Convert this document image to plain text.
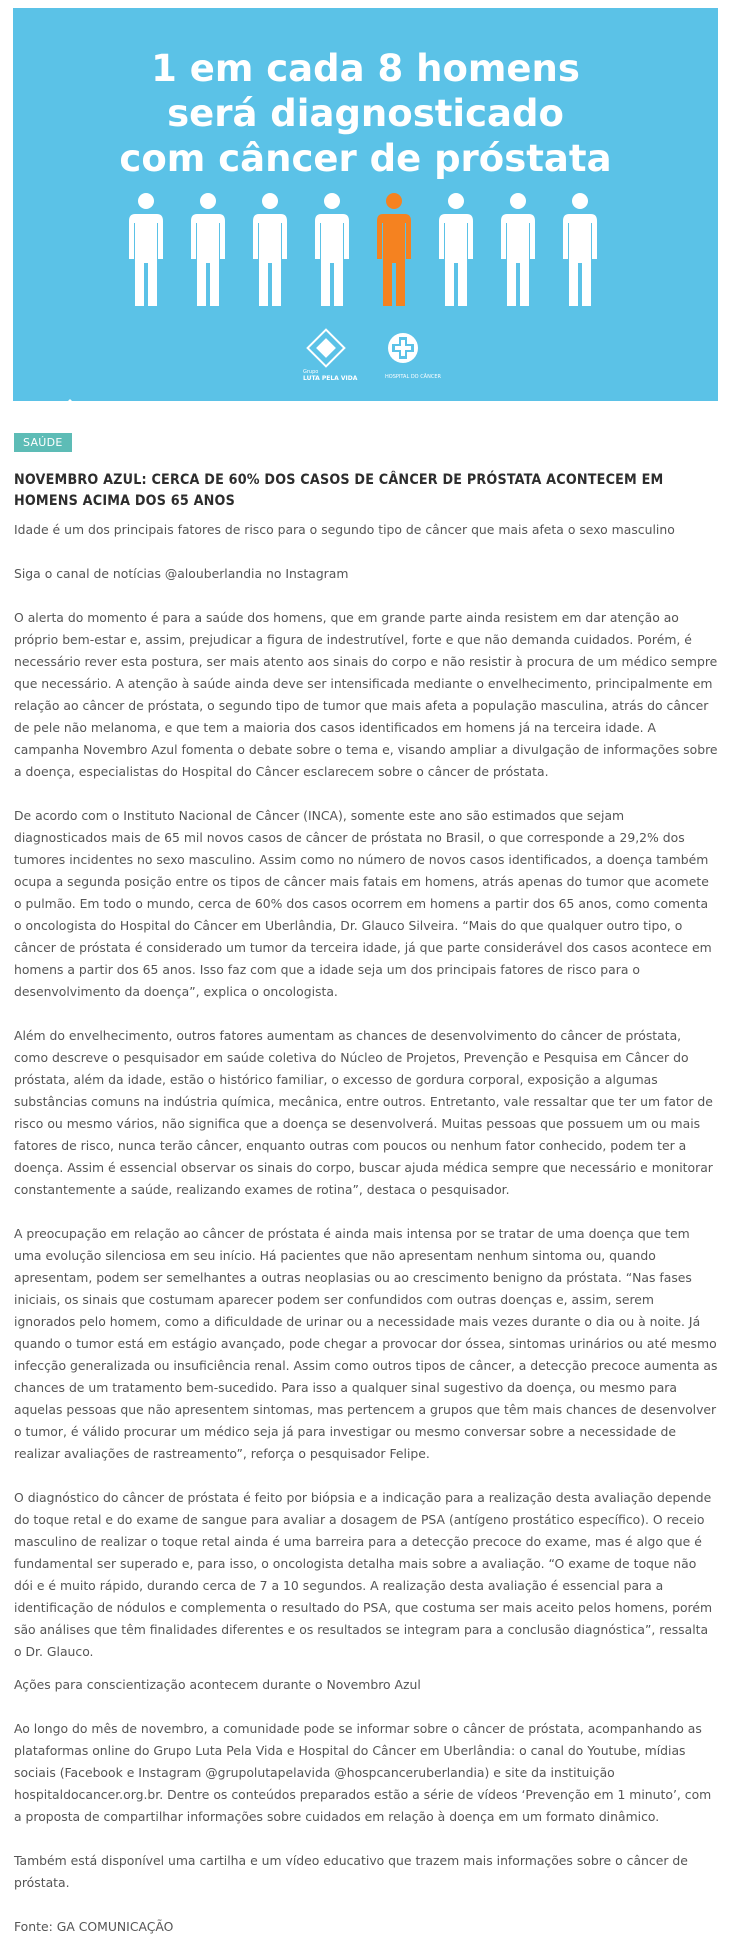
1 em cada 8 homens
será diagnosticado
com câncer de próstata
Grupo
LUTA PELA VIDA	HOSPITAL DO CÂNCER
SAÚDE
NOVEMBRO AZUL: CERCA DE 60% DOS CASOS DE CÂNCER DE PRÓSTATA ACONTECEM EM HOMENS ACIMA DOS 65 ANOS

Idade é um dos principais fatores de risco para o segundo tipo de câncer que mais afeta o sexo masculino

Siga o canal de notícias @alouberlandia no Instagram

O alerta do momento é para a saúde dos homens, que em grande parte ainda resistem em dar atenção ao próprio bem-estar e, assim, prejudicar a figura de indestrutível, forte e que não demanda cuidados. Porém, é necessário rever esta postura, ser mais atento aos sinais do corpo e não resistir à procura de um médico sempre que necessário. A atenção à saúde ainda deve ser intensificada mediante o envelhecimento, principalmente em relação ao câncer de próstata, o segundo tipo de tumor que mais afeta a população masculina, atrás do câncer de pele não melanoma, e que tem a maioria dos casos identificados em homens já na terceira idade. A campanha Novembro Azul fomenta o debate sobre o tema e, visando ampliar a divulgação de informações sobre a doença, especialistas do Hospital do Câncer esclarecem sobre o câncer de próstata.

De acordo com o Instituto Nacional de Câncer (INCA), somente este ano são estimados que sejam diagnosticados mais de 65 mil novos casos de câncer de próstata no Brasil, o que corresponde a 29,2% dos tumores incidentes no sexo masculino. Assim como no número de novos casos identificados, a doença também ocupa a segunda posição entre os tipos de câncer mais fatais em homens, atrás apenas do tumor que acomete o pulmão. Em todo o mundo, cerca de 60% dos casos ocorrem em homens a partir dos 65 anos, como comenta o oncologista do Hospital do Câncer em Uberlândia, Dr. Glauco Silveira. “Mais do que qualquer outro tipo, o câncer de próstata é considerado um tumor da terceira idade, já que parte considerável dos casos acontece em homens a partir dos 65 anos. Isso faz com que a idade seja um dos principais fatores de risco para o desenvolvimento da doença”, explica o oncologista.

Além do envelhecimento, outros fatores aumentam as chances de desenvolvimento do câncer de próstata, como descreve o pesquisador em saúde coletiva do Núcleo de Projetos, Prevenção e Pesquisa em Câncer do próstata, além da idade, estão o histórico familiar, o excesso de gordura corporal, exposição a algumas substâncias comuns na indústria química, mecânica, entre outros. Entretanto, vale ressaltar que ter um fator de risco ou mesmo vários, não significa que a doença se desenvolverá. Muitas pessoas que possuem um ou mais fatores de risco, nunca terão câncer, enquanto outras com poucos ou nenhum fator conhecido, podem ter a doença. Assim é essencial observar os sinais do corpo, buscar ajuda médica sempre que necessário e monitorar constantemente a saúde, realizando exames de rotina”, destaca o pesquisador.

A preocupação em relação ao câncer de próstata é ainda mais intensa por se tratar de uma doença que tem uma evolução silenciosa em seu início. Há pacientes que não apresentam nenhum sintoma ou, quando apresentam, podem ser semelhantes a outras neoplasias ou ao crescimento benigno da próstata. “Nas fases iniciais, os sinais que costumam aparecer podem ser confundidos com outras doenças e, assim, serem ignorados pelo homem, como a dificuldade de urinar ou a necessidade mais vezes durante o dia ou à noite. Já quando o tumor está em estágio avançado, pode chegar a provocar dor óssea, sintomas urinários ou até mesmo infecção generalizada ou insuficiência renal. Assim como outros tipos de câncer, a detecção precoce aumenta as chances de um tratamento bem-sucedido. Para isso a qualquer sinal sugestivo da doença, ou mesmo para aquelas pessoas que não apresentem sintomas, mas pertencem a grupos que têm mais chances de desenvolver o tumor, é válido procurar um médico seja já para investigar ou mesmo conversar sobre a necessidade de realizar avaliações de rastreamento”, reforça o pesquisador Felipe.

O diagnóstico do câncer de próstata é feito por biópsia e a indicação para a realização desta avaliação depende do toque retal e do exame de sangue para avaliar a dosagem de PSA (antígeno prostático específico). O receio masculino de realizar o toque retal ainda é uma barreira para a detecção precoce do exame, mas é algo que é fundamental ser superado e, para isso, o oncologista detalha mais sobre a avaliação. “O exame de toque não dói e é muito rápido, durando cerca de 7 a 10 segundos. A realização desta avaliação é essencial para a identificação de nódulos e complementa o resultado do PSA, que costuma ser mais aceito pelos homens, porém são análises que têm finalidades diferentes e os resultados se integram para a conclusão diagnóstica”, ressalta o Dr. Glauco.

Ações para conscientização acontecem durante o Novembro Azul

Ao longo do mês de novembro, a comunidade pode se informar sobre o câncer de próstata, acompanhando as plataformas online do Grupo Luta Pela Vida e Hospital do Câncer em Uberlândia: o canal do Youtube, mídias sociais (Facebook e Instagram @grupolutapelavida @hospcanceruberlandia) e site da instituição hospitaldocancer.org.br. Dentre os conteúdos preparados estão a série de vídeos ‘Prevenção em 1 minuto’, com a proposta de compartilhar informações sobre cuidados em relação à doença em um formato dinâmico.

Também está disponível uma cartilha e um vídeo educativo que trazem mais informações sobre o câncer de próstata.

Fonte: GA COMUNICAÇÃO
